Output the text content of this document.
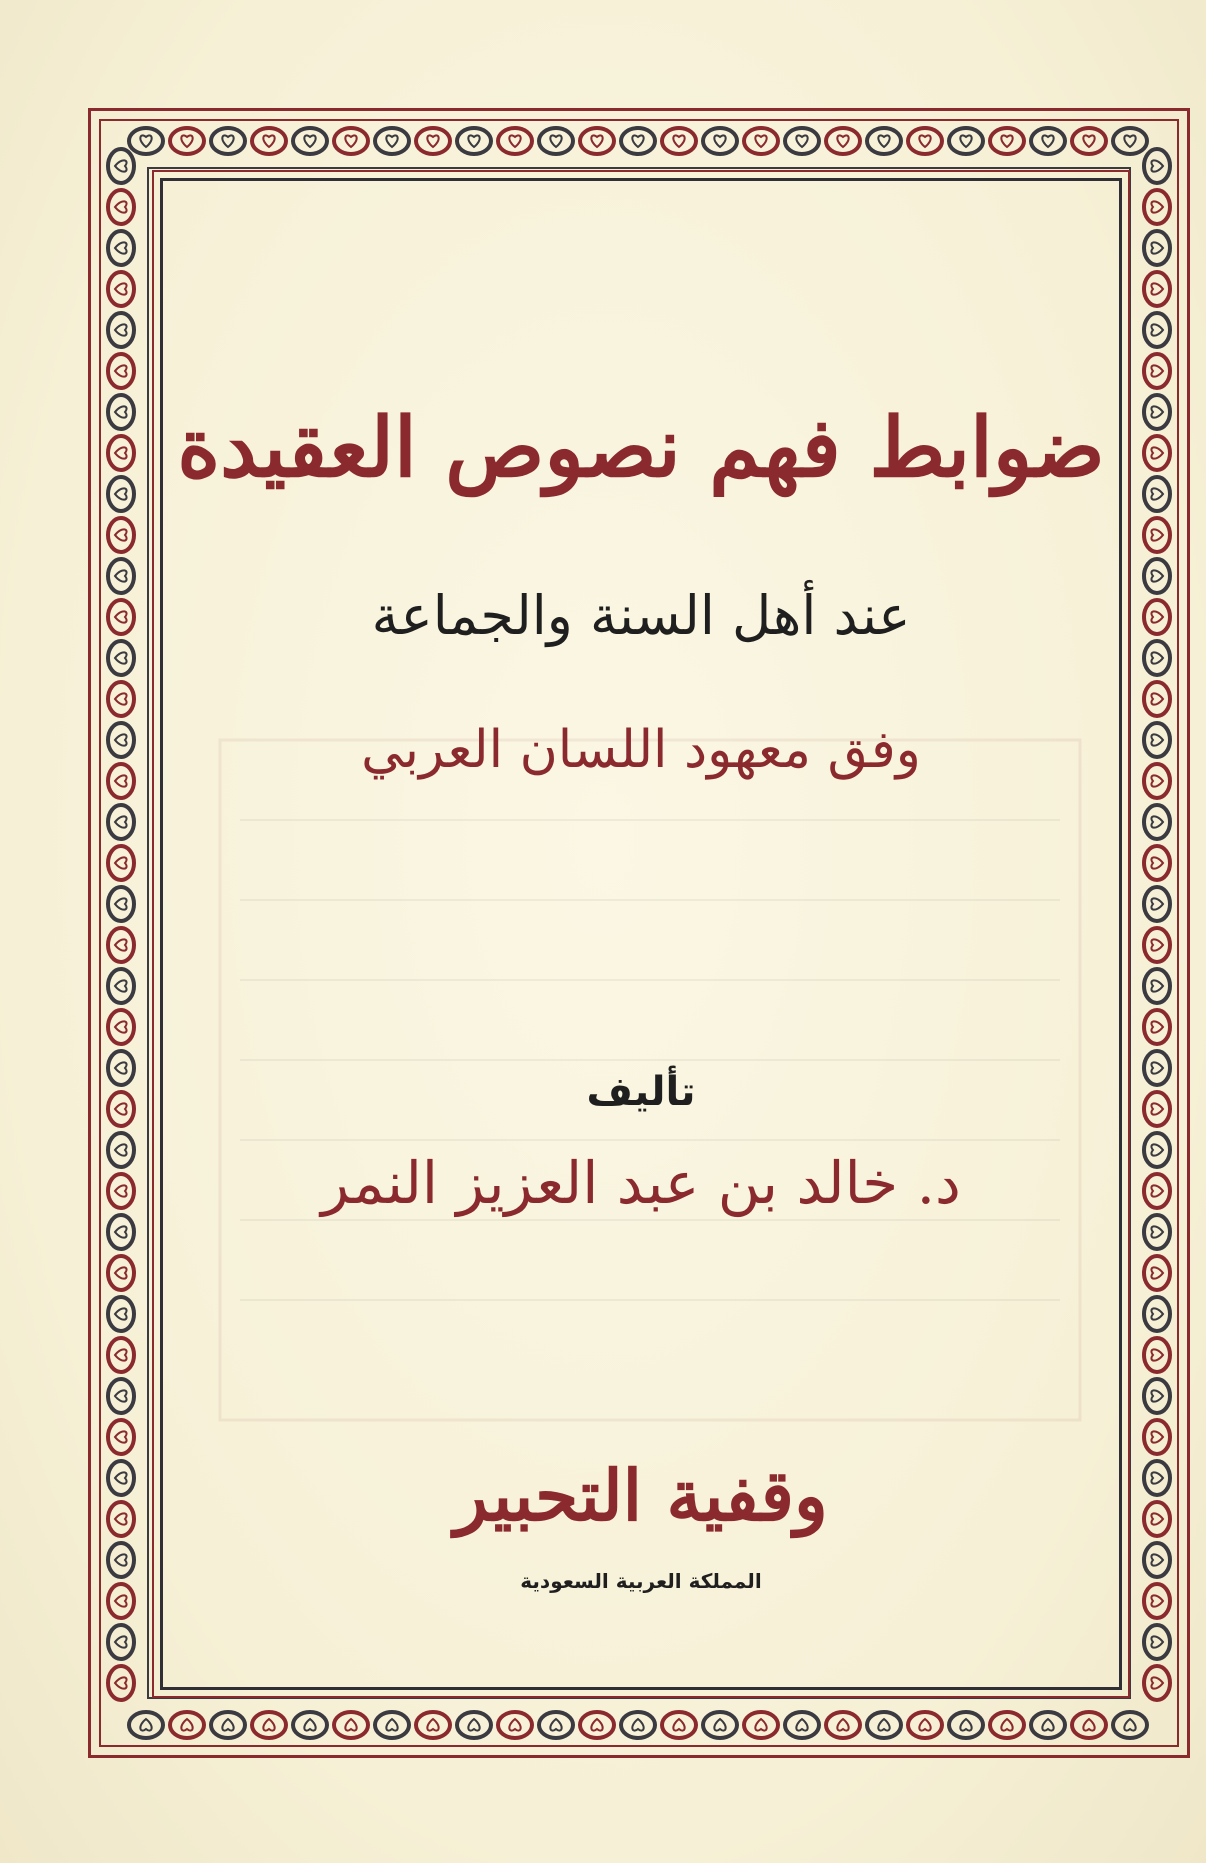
ضوابط فهم نصوص العقيدة
عند أهل السنة والجماعة
وفق معهود اللسان العربي
تأليف
د. خالد بن عبد العزيز النمر
وقفية التحبير
المملكة العربية السعودية
